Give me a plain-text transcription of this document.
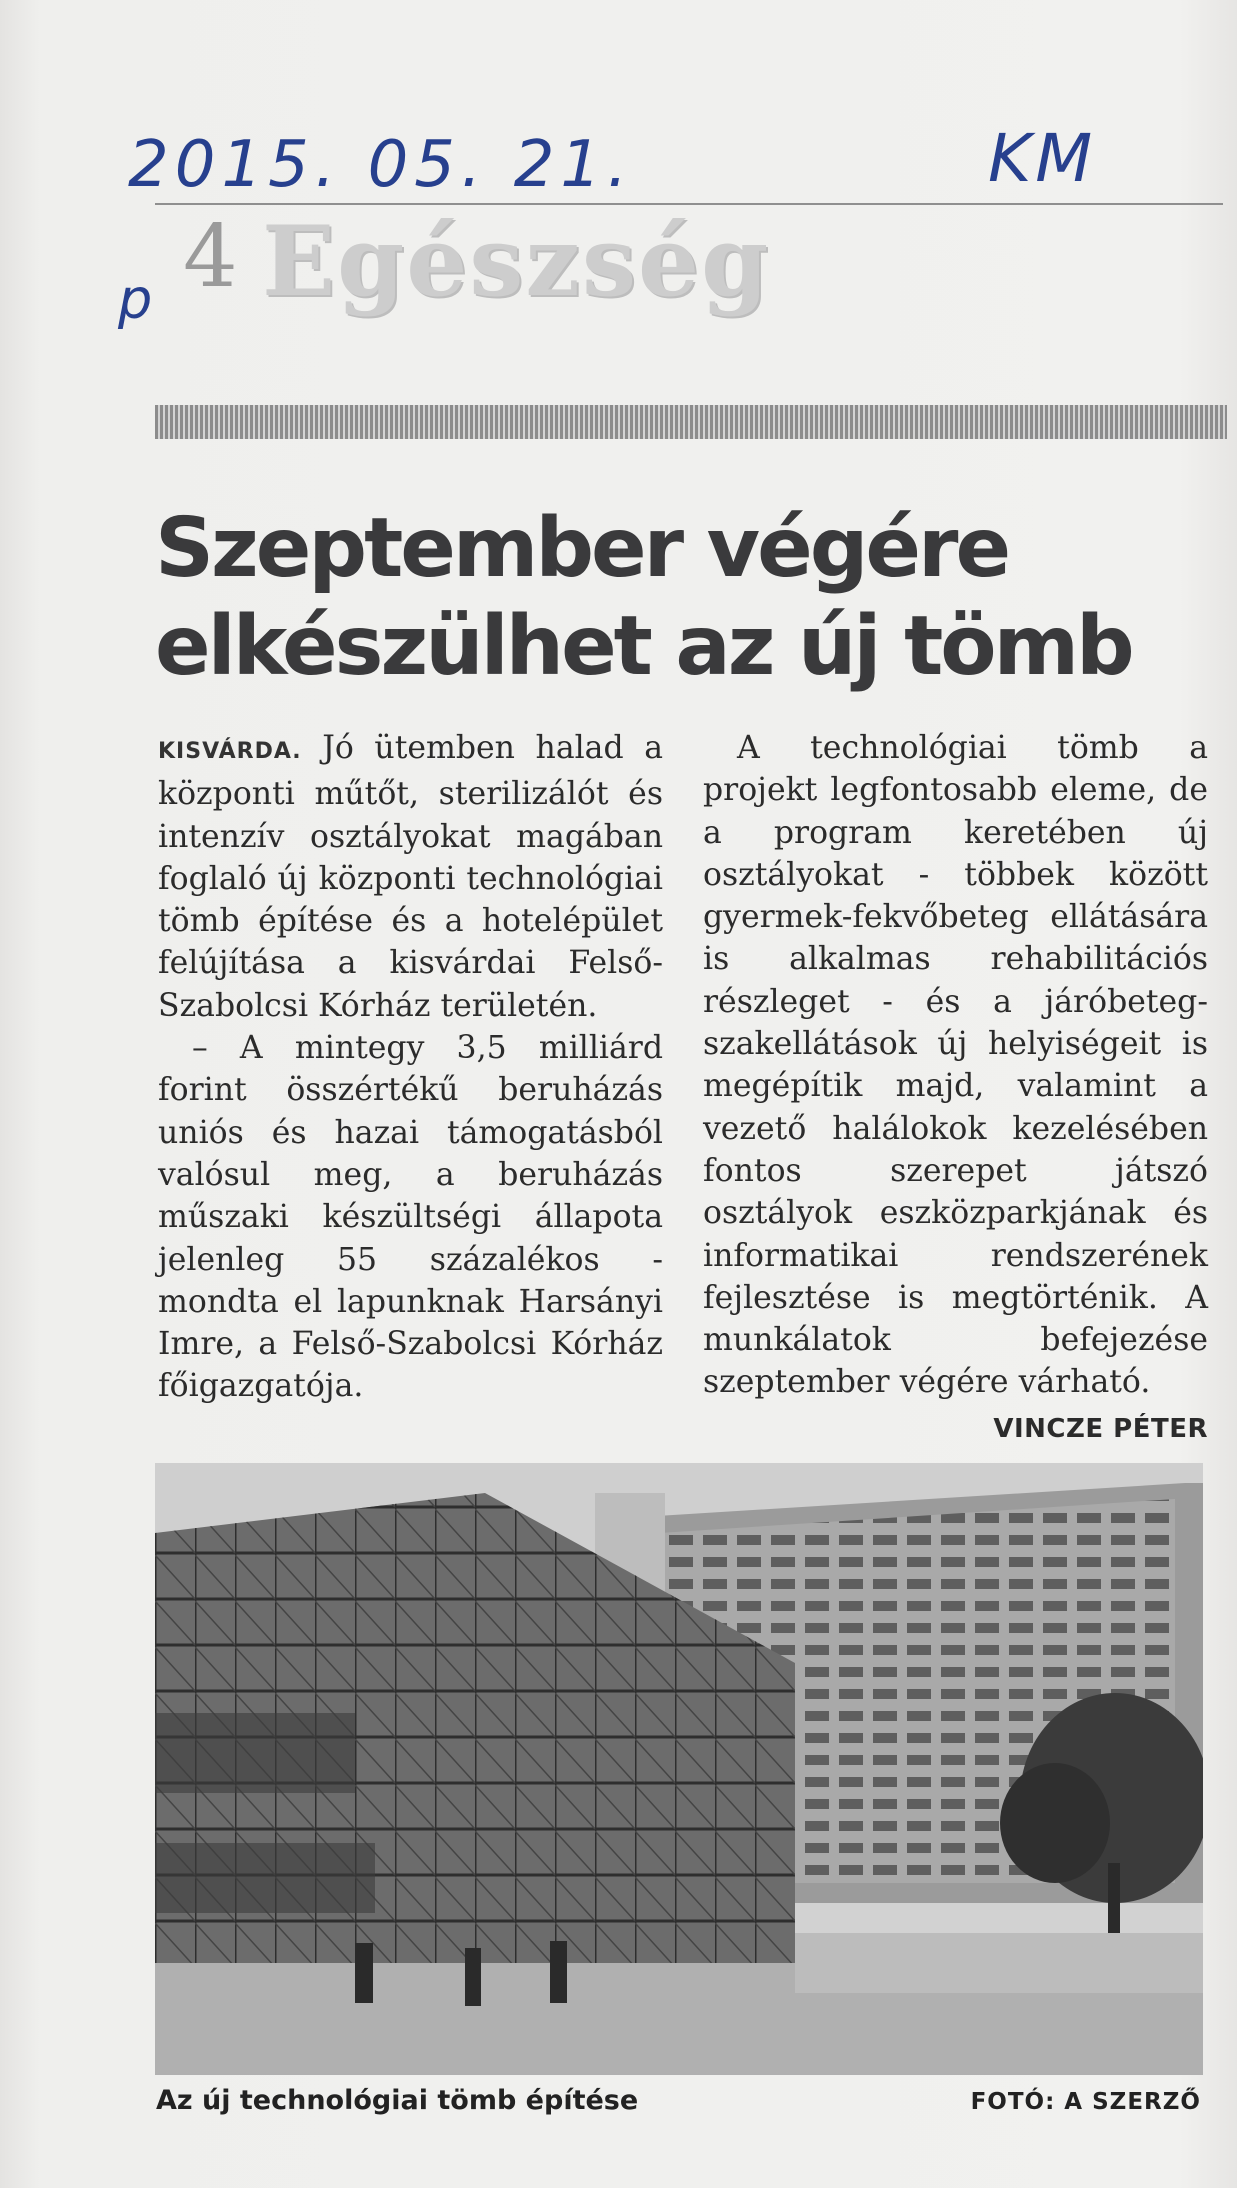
2015. 05. 21.	KM
p 4 Egészség
Szeptember végére
elkészülhet az új tömb

KISVÁRDA. Jó ütemben halad a központi műtőt, sterilizálót és intenzív osztályokat magában foglaló új központi technológiai tömb építése és a hotelépület felújítása a kisvárdai Felső-Szabolcsi Kórház területén.

– A mintegy 3,5 milliárd forint összértékű beruházás uniós és hazai támogatásból valósul meg, a beruházás műszaki készültségi állapota jelenleg 55 százalékos - mondta el lapunknak Harsányi Imre, a Felső-Szabolcsi Kórház főigazgatója.

A technológiai tömb a projekt legfontosabb eleme, de a program keretében új osztályokat - többek között gyermek-fekvőbeteg ellátására is alkalmas rehabilitációs részleget - és a járóbeteg-szakellátások új helyiségeit is megépítik majd, valamint a vezető halálokok kezelésében fontos szerepet játszó osztályok eszközparkjának és informatikai rendszerének fejlesztése is megtörténik. A munkálatok befejezése szeptember végére várható.
VINCZE PÉTER

Az új technológiai tömb építése	FOTÓ: A SZERZŐ
